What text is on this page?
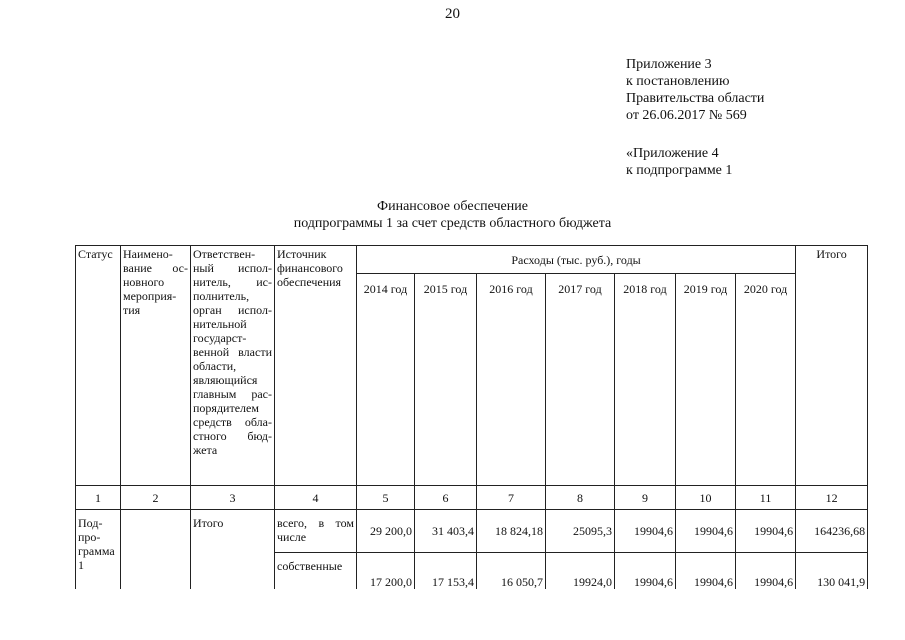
20
Приложение 3
к постановлению
Правительства области
от 26.06.2017 № 569
«Приложение 4
к подпрограмме 1
Финансовое обеспечение
подпрограммы 1 за счет средств областного бюджета
Статус	Наименование основного мероприятия	Ответственный исполнитель, исполнитель, орган исполнительной государственной власти области, являющийся главным распорядителем средств областного бюджета	Источник финансового обеспечения	Расходы (тыс. руб.), годы							Итого
				2014 год	2015 год	2016 год	2017 год	2018 год	2019 год	2020 год	
1	2	3	4	5	6	7	8	9	10	11	12
Подпрограмма 1		Итого	всего, в том числе	29 200,0	31 403,4	18 824,18	25095,3	19904,6	19904,6	19904,6	164236,68
			собственные	17 200,0	17 153,4	16 050,7	19924,0	19904,6	19904,6	19904,6	130 041,9
